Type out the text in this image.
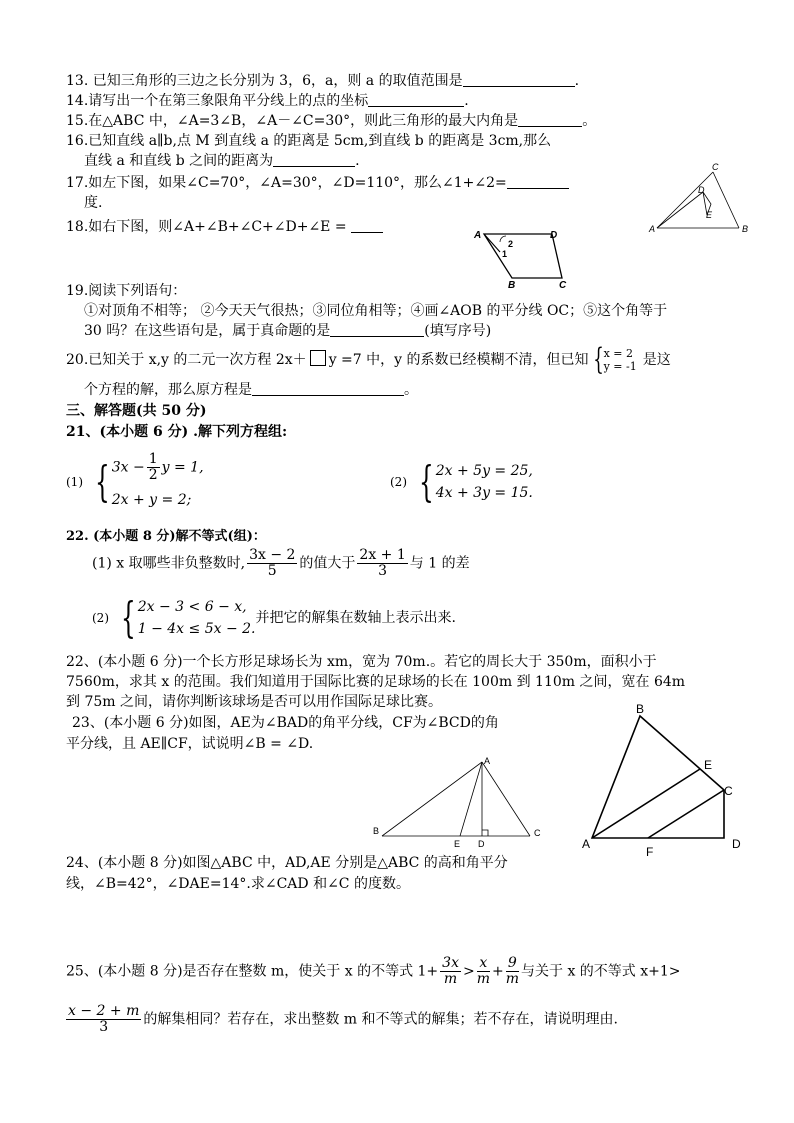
13. 已知三角形的三边之长分别为 3，6，a，则 a 的取值范围是	.
14.请写出一个在第三象限角平分线上的点的坐标	.
15.在△ABC 中，∠A=3∠B，∠A－∠C=30°，则此三角形的最大内角是	。
16.已知直线 a∥b,点 M 到直线 a 的距离是 5cm,到直线 b 的距离是 3cm,那么
直线 a 和直线 b 之间的距离为	.
17.如左下图，如果∠C=70°，∠A=30°，∠D=110°，那么∠1+∠2=
度.
A	B
C
D
E
18.如右下图，则∠A+∠B+∠C+∠D+∠E =
A	D
B	C
2
1
19.阅读下列语句：
①对顶角不相等； ②今天天气很热；③同位角相等；④画∠AOB 的平分线 OC；⑤这个角等于
30 吗？在这些语句是，属于真命题的是	(填写序号)
20.已知关于 x,y 的二元一次方程 2x＋ y =7 中，y 的系数已经模糊不清，但已知 { x = 2
y = -1 是这
个方程的解，那么原方程是	。
三、解答题(共 50 分)
21、(本小题 6 分) .解下列方程组:
(1) { $3x - \frac{1}{2}$ y = 1,
2x + y = 2;
(2) { 2x + 5y = 25,
4x + 3y = 15.
22. (本小题 8 分)解不等式(组)：
(1) x 取哪些非负整数时, $\frac{3x - 2}{5}$ 的值大于 $\frac{2x + 1}{3}$ 与 1 的差
(2) { 2x − 3 < 6 − x,
1 − 4x ≤ 5x − 2.
并把它的解集在数轴上表示出来.
22、(本小题 6 分)一个长方形足球场长为 xm，宽为 70m.。若它的周长大于 350m，面积小于
7560m，求其 x 的范围。我们知道用于国际比赛的足球场的长在 100m 到 110m 之间，宽在 64m
到 75m 之间，请你判断该球场是否可以用作国际足球比赛。
23、(本小题 6 分)如图，AE为∠BAD的角平分线，CF为∠BCD的角
平分线，且 AE∥CF，试说明∠B = ∠D.
A
B	C
D
E	A
B
C
D
E
F
24、(本小题 8 分)如图△ABC 中，AD,AE 分别是△ABC 的高和角平分
线，∠B=42°，∠DAE=14°.求∠CAD 和∠C 的度数。
25、(本小题 8 分)是否存在整数 m，使关于 x 的不等式 $1+ \frac{3x}{m} > \frac{x}{m} + \frac{9}{m}$ 与关于 x 的不等式 x+1>
$\frac{x - 2 + m}{3}$ 的解集相同？若存在，求出整数 m 和不等式的解集；若不存在，请说明理由.
